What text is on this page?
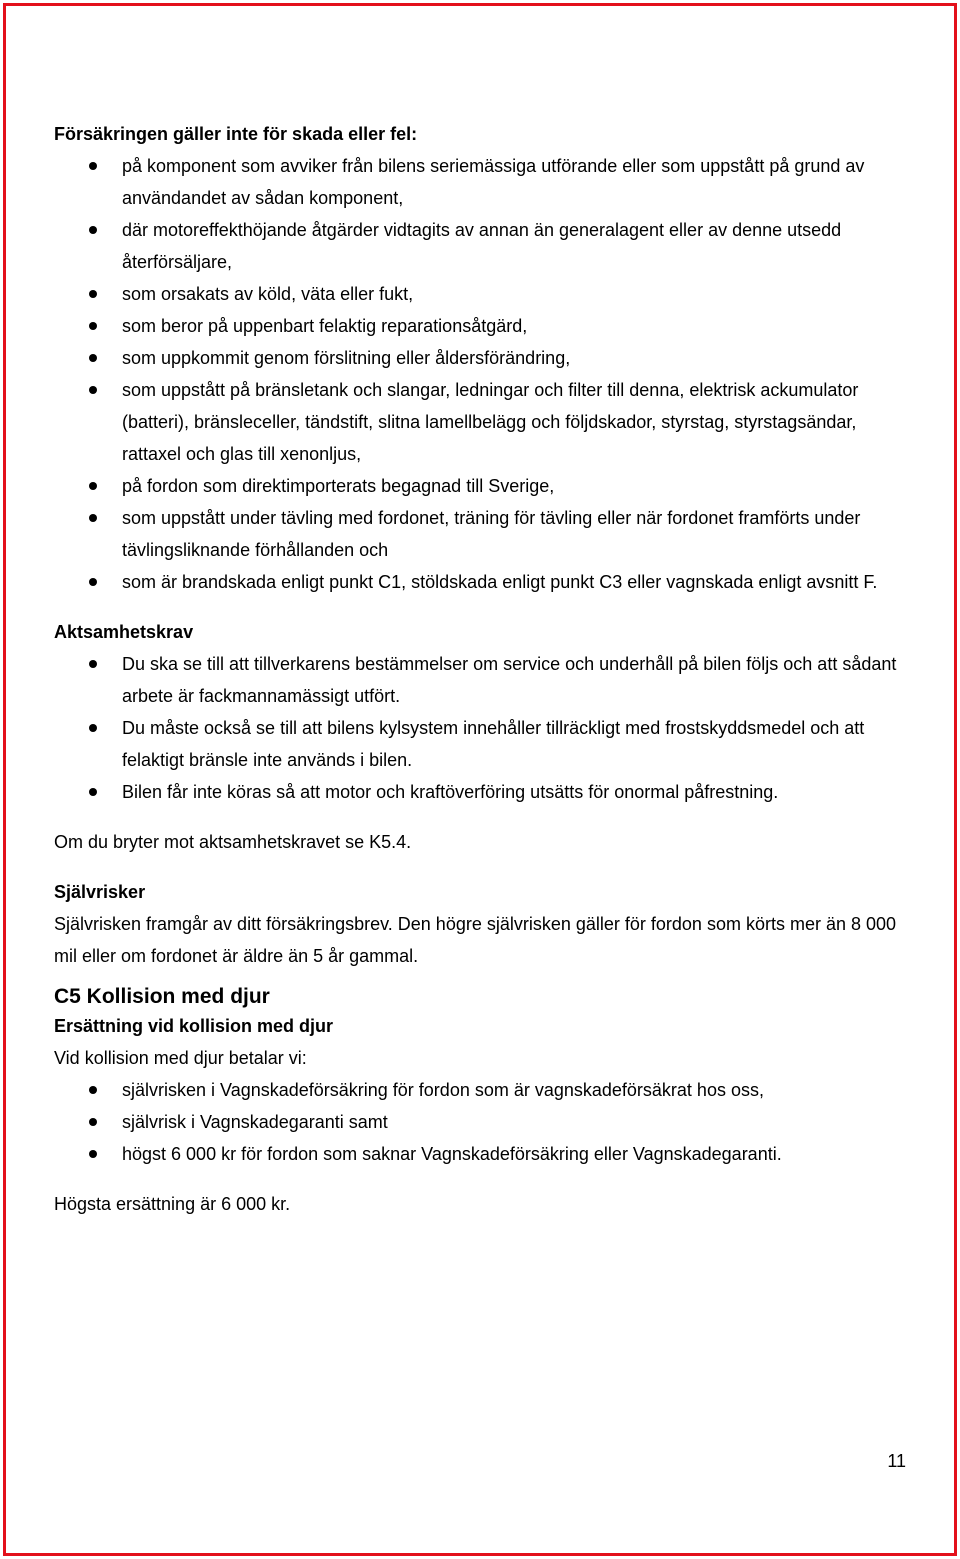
Försäkringen gäller inte för skada eller fel:

på komponent som avviker från bilens seriemässiga utförande eller som uppstått på grund av användandet av sådan komponent,
där motoreffekthöjande åtgärder vidtagits av annan än generalagent eller av denne utsedd återförsäljare,
som orsakats av köld, väta eller fukt,
som beror på uppenbart felaktig reparationsåtgärd,
som uppkommit genom förslitning eller åldersförändring,
som uppstått på bränsletank och slangar, ledningar och filter till denna, elektrisk ackumulator (batteri), bränsleceller, tändstift, slitna lamellbelägg och följdskador, styrstag, styrstagsändar, rattaxel och glas till xenonljus,
på fordon som direktimporterats begagnad till Sverige,
som uppstått under tävling med fordonet, träning för tävling eller när fordonet framförts under tävlingsliknande förhållanden och
som är brandskada enligt punkt C1, stöldskada enligt punkt C3 eller vagnskada enligt avsnitt F.

Aktsamhetskrav

Du ska se till att tillverkarens bestämmelser om service och underhåll på bilen följs och att sådant arbete är fackmannamässigt utfört.
Du måste också se till att bilens kylsystem innehåller tillräckligt med frostskyddsmedel och att felaktigt bränsle inte används i bilen.
Bilen får inte köras så att motor och kraftöverföring utsätts för onormal påfrestning.

Om du bryter mot aktsamhetskravet se K5.4.

Självrisker

Självrisken framgår av ditt försäkringsbrev. Den högre självrisken gäller för fordon som körts mer än 8 000 mil eller om fordonet är äldre än 5 år gammal.

C5 Kollision med djur

Ersättning vid kollision med djur

Vid kollision med djur betalar vi:

självrisken i Vagnskadeförsäkring för fordon som är vagnskadeförsäkrat hos oss,
självrisk i Vagnskadegaranti samt
högst 6 000 kr för fordon som saknar Vagnskadeförsäkring eller Vagnskadegaranti.

Högsta ersättning är 6 000 kr.

11
